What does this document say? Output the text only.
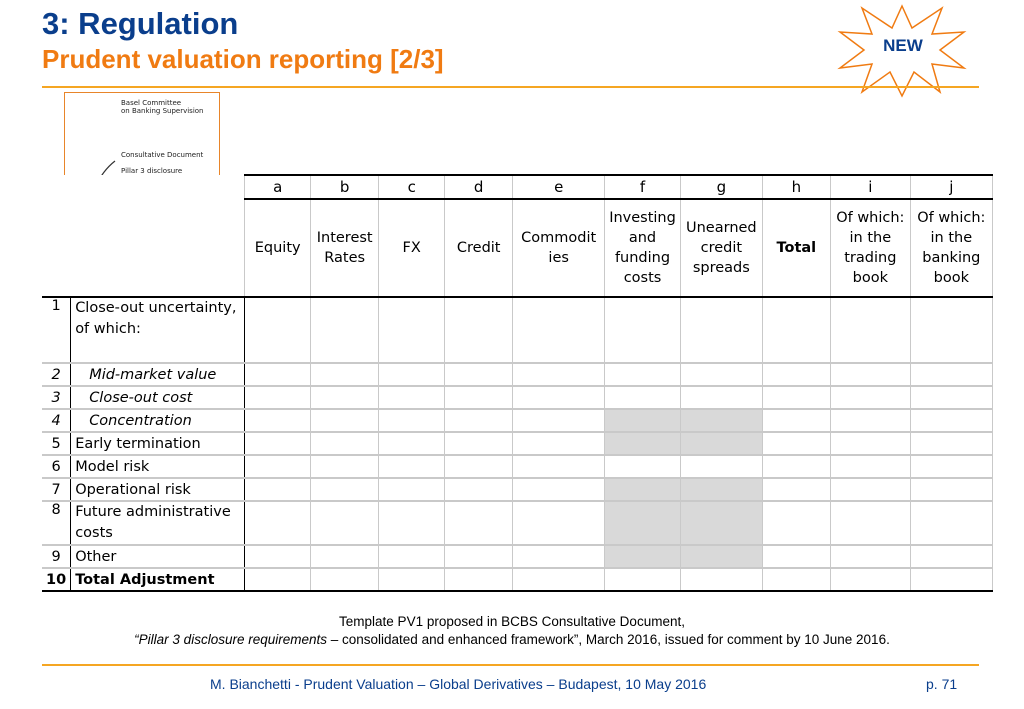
3: Regulation
Prudent valuation reporting [2/3]	NEW
Basel Committee
on Banking Supervision
Consultative Document
Pillar 3 disclosure
		a	b	c	d	e	f	g	h	i	j
		Equity	Interest Rates	FX	Credit	Commodit ies	Investing and funding costs	Unearned credit spreads	Total	Of which: in the trading book	Of which: in the banking book
1	Close-out uncertainty, of which:										
2	Mid-market value										
3	Close-out cost										
4	Concentration										
5	Early termination										
6	Model risk										
7	Operational risk										
8	Future administrative costs										
9	Other										
10	Total Adjustment										
Template PV1 proposed in BCBS Consultative Document,
“Pillar 3 disclosure requirements – consolidated and enhanced framework”, March 2016, issued for comment by 10 June 2016.
M. Bianchetti - Prudent Valuation – Global Derivatives – Budapest, 10 May 2016	p. 71
